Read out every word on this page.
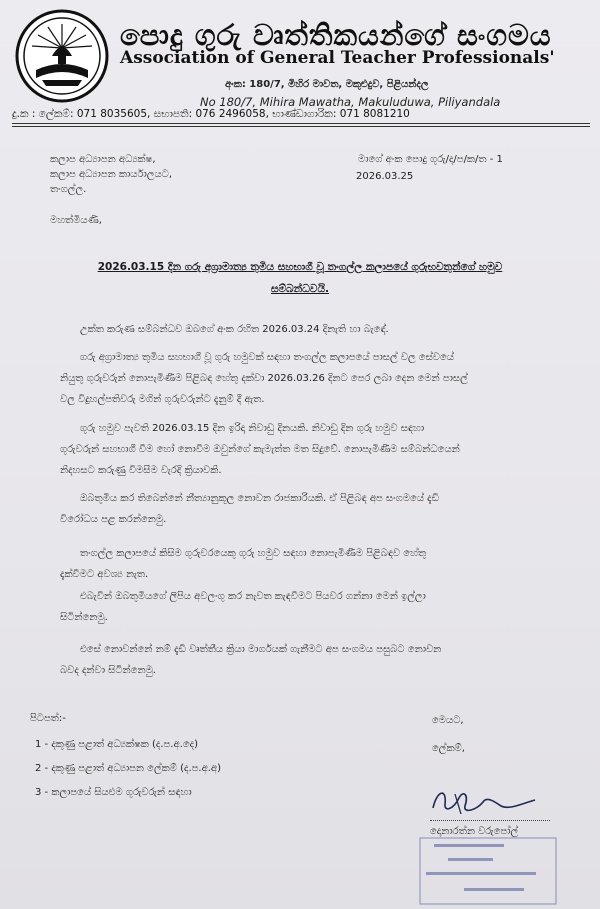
පොදු ගුරු වෘත්තිකයන්ගේ සංගමය
Association of General Teacher Professionals'
අංක: 180/7, මිහිර මාවත, මකුළුදුව, පිළියන්දල
No 180/7, Mihira Mawatha, Makuluduwa, Piliyandala
දු.ක : ලේකම්: 071 8035605, සභාපති: 076 2496058, භාණ්ඩාගාරික: 071 8081210
කලාප අධ්‍යාපන අධ්‍යක්ෂ,
කලාප අධ්‍යාපන කාර්යාලයට,
තංගල්ල.
මාගේ අංක පොදු ගුරු/ද/ප/ක/ත - 1
2026.03.25
මහත්මියණි,
2026.03.15 දින ගරු අග්‍රාමාත්‍ය තුමිය සහභාගී වූ තංගල්ල කලාපයේ ගුරුභවතුන්ගේ හමුව
සම්බන්ධවයි.
උක්ත කරුණ සම්බන්ධව ඔබගේ අංක රහිත 2026.03.24 දිනැති හා බැඳේ.
ගරු අග්‍රාමාත්‍ය තුමිය සහභාගී වූ ගුරු හමුවක් සඳහා තංගල්ල කලාපයේ පාසල් වල සේවයේ
නියුතු ගුරුවරුන් නොපැමිණීම පිළිබඳ හේතු දක්වා 2026.03.26 දිනට පෙර ලබා දෙන මෙන් පාසල්
වල විදුහල්පතිවරු මගින් ගුරුවරුන්ට දැනුම් දී ඇත.
ගුරු හමුව පැවති 2026.03.15 දින ඉරිදා නිවාඩු දිනයකි. නිවාඩු දින ගුරු හමුව සඳහා
ගුරුවරුන් සහභාගී වීම හෝ නොවීම ඔවුන්ගේ කැමැත්ත මත සිදුවේ. නොපැමිණීම සම්බන්ධයෙන්
නිදහසට කරුණු විමසීම වැරදි ක්‍රියාවකි.
ඔබතුමිය කර තිබෙන්නේ නීත්‍යානුකූල නොවන රාජකාරියකි. ඒ පිළිබඳ අප සංගමයේ දැඩි
විරෝධය පළ කරන්නෙමු.
තංගල්ල කලාපයේ කිසිම ගුරුවරයෙකු ගුරු හමුව සඳහා නොපැමිණීම පිළිබඳව හේතු
දැක්වීමට අවශ්‍ය නැත.
එබැවින් ඔබතුමියගේ ලිපිය අවලංගු කර නැවත කැඳවීමට පියවර ගන්නා මෙන් ඉල්ලා
සිටින්නෙමු.
එසේ නොවන්නේ නම් දැඩි වෘත්තීය ක්‍රියා මාර්ගයක් ගැනීමට අප සංගමය පසුබට නොවන
බවද දන්වා සිටින්නෙමු.
පිටපත්:-
1 - දකුණු පළාත් අධ්‍යක්ෂක (ද.ප.අ.දෙ)
2 - දකුණු පළාත් අධ්‍යාපන ලේකම් (ද.ප.අ.අ)
3 - කලාපයේ සියළුම ගුරුවරුන් සඳහා
මෙයට,
ලේකම්,
දොනාරත්න වරුපෝල්
